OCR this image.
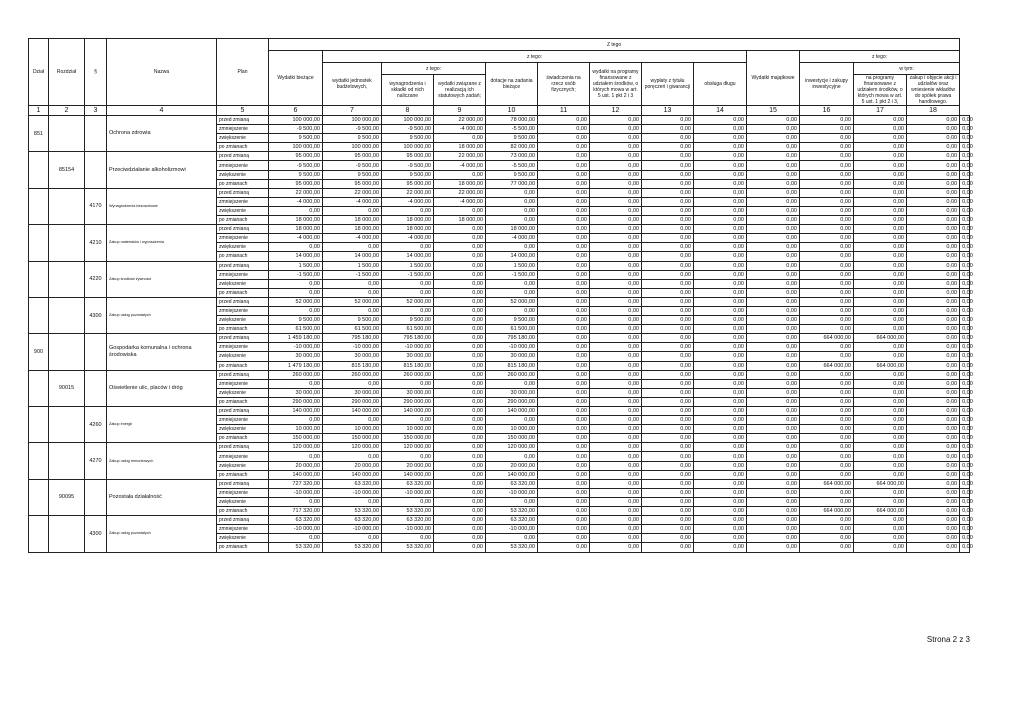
Dział	Rozdział	§	Nazwa	Plan	Z tego													
					Wydatki bieżące	z tego:								Wydatki majątkowe	z tego:			
						wydatki jednostek budżetowych,	z tego:		dotacje na zadania bieżące	świadczenia na rzecz osób fizycznych;	wydatki na programy finansowane z udziałem środków, o których mowa w art. 5 ust. 1 pkt 2 i 3	wypłaty z tytułu poręczeń i gwarancji	obsługa długu		inwestycje i zakupy inwestycyjne	w tym:		
							wynagrodzenia i składki od nich naliczane	wydatki związane z realizacją ich statutowych zadań;								na programy finansowane z udziałem środków, o których mowa w art. 5 ust. 1 pkt 2 i 3,	zakup i objęcie akcji i udziałów oraz wniesienie wkładów do spółek prawa handlowego.	

1	2	3	4	5	6	7	8	9	10	11	12	13	14	15	16	17	18	
851			Ochrona zdrowia	przed zmianą	100 000,00	100 000,00	100 000,00	22 000,00	78 000,00	0,00	0,00	0,00	0,00	0,00	0,00	0,00	0,00	0,00
				zmniejszenie	-9 500,00	-9 500,00	-9 500,00	-4 000,00	-5 500,00	0,00	0,00	0,00	0,00	0,00	0,00	0,00	0,00	0,00
				zwiększenie	9 500,00	9 500,00	9 500,00	0,00	9 500,00	0,00	0,00	0,00	0,00	0,00	0,00	0,00	0,00	0,00
				po zmianach	100 000,00	100 000,00	100 000,00	18 000,00	82 000,00	0,00	0,00	0,00	0,00	0,00	0,00	0,00	0,00	0,00
	85154		Przeciwdziałanie alkoholizmowi	przed zmianą	95 000,00	95 000,00	95 000,00	22 000,00	73 000,00	0,00	0,00	0,00	0,00	0,00	0,00	0,00	0,00	0,00
				zmniejszenie	-9 500,00	-9 500,00	-9 500,00	-4 000,00	-5 500,00	0,00	0,00	0,00	0,00	0,00	0,00	0,00	0,00	0,00
				zwiększenie	9 500,00	9 500,00	9 500,00	0,00	9 500,00	0,00	0,00	0,00	0,00	0,00	0,00	0,00	0,00	0,00
				po zmianach	95 000,00	95 000,00	95 000,00	18 000,00	77 000,00	0,00	0,00	0,00	0,00	0,00	0,00	0,00	0,00	0,00
		4170	Wynagrodzenia bezosobowe	przed zmianą	22 000,00	22 000,00	22 000,00	22 000,00	0,00	0,00	0,00	0,00	0,00	0,00	0,00	0,00	0,00	0,00
				zmniejszenie	-4 000,00	-4 000,00	-4 000,00	-4 000,00	0,00	0,00	0,00	0,00	0,00	0,00	0,00	0,00	0,00	0,00
				zwiększenie	0,00	0,00	0,00	0,00	0,00	0,00	0,00	0,00	0,00	0,00	0,00	0,00	0,00	0,00
				po zmianach	18 000,00	18 000,00	18 000,00	18 000,00	0,00	0,00	0,00	0,00	0,00	0,00	0,00	0,00	0,00	0,00
		4210	Zakup materiałów i wyposażenia	przed zmianą	18 000,00	18 000,00	18 000,00	0,00	18 000,00	0,00	0,00	0,00	0,00	0,00	0,00	0,00	0,00	0,00
				zmniejszenie	-4 000,00	-4 000,00	-4 000,00	0,00	-4 000,00	0,00	0,00	0,00	0,00	0,00	0,00	0,00	0,00	0,00
				zwiększenie	0,00	0,00	0,00	0,00	0,00	0,00	0,00	0,00	0,00	0,00	0,00	0,00	0,00	0,00
				po zmianach	14 000,00	14 000,00	14 000,00	0,00	14 000,00	0,00	0,00	0,00	0,00	0,00	0,00	0,00	0,00	0,00
		4220	Zakup środków żywności	przed zmianą	1 500,00	1 500,00	1 500,00	0,00	1 500,00	0,00	0,00	0,00	0,00	0,00	0,00	0,00	0,00	0,00
				zmniejszenie	-1 500,00	-1 500,00	-1 500,00	0,00	-1 500,00	0,00	0,00	0,00	0,00	0,00	0,00	0,00	0,00	0,00
				zwiększenie	0,00	0,00	0,00	0,00	0,00	0,00	0,00	0,00	0,00	0,00	0,00	0,00	0,00	0,00
				po zmianach	0,00	0,00	0,00	0,00	0,00	0,00	0,00	0,00	0,00	0,00	0,00	0,00	0,00	0,00
		4300	Zakup usług pozostałych	przed zmianą	52 000,00	52 000,00	52 000,00	0,00	52 000,00	0,00	0,00	0,00	0,00	0,00	0,00	0,00	0,00	0,00
				zmniejszenie	0,00	0,00	0,00	0,00	0,00	0,00	0,00	0,00	0,00	0,00	0,00	0,00	0,00	0,00
				zwiększenie	9 500,00	9 500,00	9 500,00	0,00	9 500,00	0,00	0,00	0,00	0,00	0,00	0,00	0,00	0,00	0,00
				po zmianach	61 500,00	61 500,00	61 500,00	0,00	61 500,00	0,00	0,00	0,00	0,00	0,00	0,00	0,00	0,00	0,00
900			Gospodarka komunalna i ochrona środowiska	przed zmianą	1 459 180,00	795 180,00	795 180,00	0,00	795 180,00	0,00	0,00	0,00	0,00	0,00	664 000,00	664 000,00	0,00	0,00
				zmniejszenie	-10 000,00	-10 000,00	-10 000,00	0,00	-10 000,00	0,00	0,00	0,00	0,00	0,00	0,00	0,00	0,00	0,00
				zwiększenie	30 000,00	30 000,00	30 000,00	0,00	30 000,00	0,00	0,00	0,00	0,00	0,00	0,00	0,00	0,00	0,00
				po zmianach	1 479 180,00	815 180,00	815 180,00	0,00	815 180,00	0,00	0,00	0,00	0,00	0,00	664 000,00	664 000,00	0,00	0,00
	90015		Oświetlenie ulic, placów i dróg	przed zmianą	260 000,00	260 000,00	260 000,00	0,00	260 000,00	0,00	0,00	0,00	0,00	0,00	0,00	0,00	0,00	0,00
				zmniejszenie	0,00	0,00	0,00	0,00	0,00	0,00	0,00	0,00	0,00	0,00	0,00	0,00	0,00	0,00
				zwiększenie	30 000,00	30 000,00	30 000,00	0,00	30 000,00	0,00	0,00	0,00	0,00	0,00	0,00	0,00	0,00	0,00
				po zmianach	290 000,00	290 000,00	290 000,00	0,00	290 000,00	0,00	0,00	0,00	0,00	0,00	0,00	0,00	0,00	0,00
		4260	Zakup energii	przed zmianą	140 000,00	140 000,00	140 000,00	0,00	140 000,00	0,00	0,00	0,00	0,00	0,00	0,00	0,00	0,00	0,00
				zmniejszenie	0,00	0,00	0,00	0,00	0,00	0,00	0,00	0,00	0,00	0,00	0,00	0,00	0,00	0,00
				zwiększenie	10 000,00	10 000,00	10 000,00	0,00	10 000,00	0,00	0,00	0,00	0,00	0,00	0,00	0,00	0,00	0,00
				po zmianach	150 000,00	150 000,00	150 000,00	0,00	150 000,00	0,00	0,00	0,00	0,00	0,00	0,00	0,00	0,00	0,00
		4270	Zakup usług remontowych	przed zmianą	120 000,00	120 000,00	120 000,00	0,00	120 000,00	0,00	0,00	0,00	0,00	0,00	0,00	0,00	0,00	0,00
				zmniejszenie	0,00	0,00	0,00	0,00	0,00	0,00	0,00	0,00	0,00	0,00	0,00	0,00	0,00	0,00
				zwiększenie	20 000,00	20 000,00	20 000,00	0,00	20 000,00	0,00	0,00	0,00	0,00	0,00	0,00	0,00	0,00	0,00
				po zmianach	140 000,00	140 000,00	140 000,00	0,00	140 000,00	0,00	0,00	0,00	0,00	0,00	0,00	0,00	0,00	0,00
	90095		Pozostała działalność	przed zmianą	727 320,00	63 320,00	63 320,00	0,00	63 320,00	0,00	0,00	0,00	0,00	0,00	664 000,00	664 000,00	0,00	0,00
				zmniejszenie	-10 000,00	-10 000,00	-10 000,00	0,00	-10 000,00	0,00	0,00	0,00	0,00	0,00	0,00	0,00	0,00	0,00
				zwiększenie	0,00	0,00	0,00	0,00	0,00	0,00	0,00	0,00	0,00	0,00	0,00	0,00	0,00	0,00
				po zmianach	717 320,00	53 320,00	53 320,00	0,00	53 320,00	0,00	0,00	0,00	0,00	0,00	664 000,00	664 000,00	0,00	0,00
		4300	Zakup usług pozostałych	przed zmianą	63 320,00	63 320,00	63 320,00	0,00	63 320,00	0,00	0,00	0,00	0,00	0,00	0,00	0,00	0,00	0,00
				zmniejszenie	-10 000,00	-10 000,00	-10 000,00	0,00	-10 000,00	0,00	0,00	0,00	0,00	0,00	0,00	0,00	0,00	0,00
				zwiększenie	0,00	0,00	0,00	0,00	0,00	0,00	0,00	0,00	0,00	0,00	0,00	0,00	0,00	0,00
				po zmianach	53 320,00	53 320,00	53 320,00	0,00	53 320,00	0,00	0,00	0,00	0,00	0,00	0,00	0,00	0,00	0,00
Strona 2 z 3
